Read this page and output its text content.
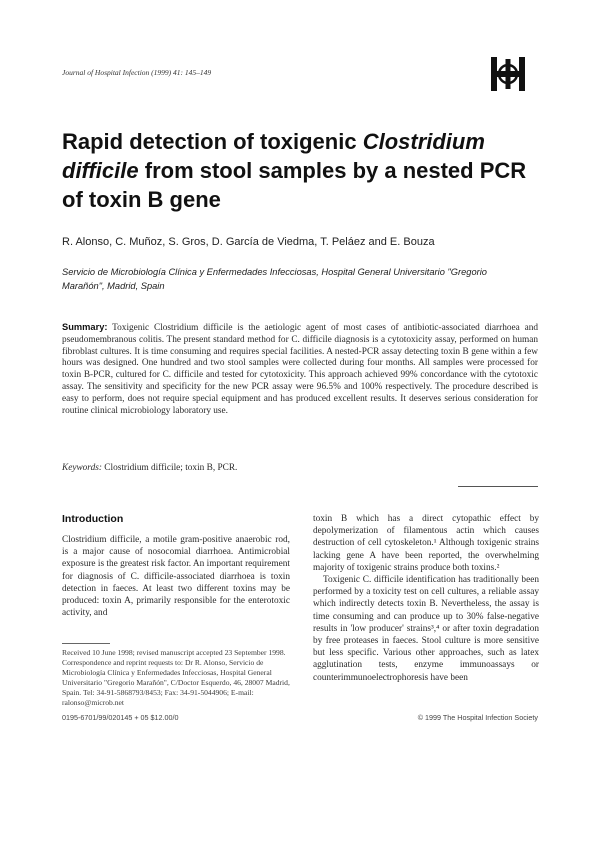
Journal of Hospital Infection (1999) 41: 145–149
Rapid detection of toxigenic Clostridium difficile from stool samples by a nested PCR of toxin B gene
R. Alonso, C. Muñoz, S. Gros, D. García de Viedma, T. Peláez and E. Bouza
Servicio de Microbiología Clínica y Enfermedades Infecciosas, Hospital General Universitario "Gregorio Marañón", Madrid, Spain
Summary: Toxigenic Clostridium difficile is the aetiologic agent of most cases of antibiotic-associated diarrhoea and pseudomembranous colitis. The present standard method for C. difficile diagnosis is a cytotoxicity assay, performed on human fibroblast cultures. It is time consuming and requires special facilities. A nested-PCR assay detecting toxin B gene within a few hours was designed. One hundred and two stool samples were collected during four months. All samples were processed for toxin B-PCR, cultured for C. difficile and tested for cytotoxicity. This approach achieved 99% concordance with the cytotoxic assay. The sensitivity and specificity for the new PCR assay were 96.5% and 100% respectively. The procedure described is easy to perform, does not require special equipment and has produced excellent results. It deserves serious consideration for routine clinical microbiology laboratory use.
Keywords: Clostridium difficile; toxin B, PCR.
Introduction
Clostridium difficile, a motile gram-positive anaerobic rod, is a major cause of nosocomial diarrhoea. Antimicrobial exposure is the greatest risk factor. An important requirement for diagnosis of C. difficile-associated diarrhoea is toxin detection in faeces. At least two different toxins may be produced: toxin A, primarily responsible for the enterotoxic activity, and

toxin B which has a direct cytopathic effect by depolymerization of filamentous actin which causes destruction of cell cytoskeleton.¹ Although toxigenic strains lacking gene A have been reported, the overwhelming majority of toxigenic strains produce both toxins.²

Toxigenic C. difficile identification has traditionally been performed by a toxicity test on cell cultures, a reliable assay which indirectly detects toxin B. Nevertheless, the assay is time consuming and can produce up to 30% false-negative results in 'low producer' strains³,⁴ or after toxin degradation by free proteases in faeces. Stool culture is more sensitive but less specific. Various other approaches, such as latex agglutination tests, enzyme immunoassays or counterimmunoelectrophoresis have been

Received 10 June 1998; revised manuscript accepted 23 September 1998.

Correspondence and reprint requests to: Dr R. Alonso, Servicio de Microbiología Clínica y Enfermedades Infecciosas, Hospital General Universitario "Gregorio Marañón", C/Doctor Esquerdo, 46, 28007 Madrid, Spain. Tel: 34-91-5868793/8453; Fax: 34-91-5044906; E-mail: ralonso@microb.net

0195-6701/99/020145 + 05 $12.00/0	© 1999 The Hospital Infection Society
